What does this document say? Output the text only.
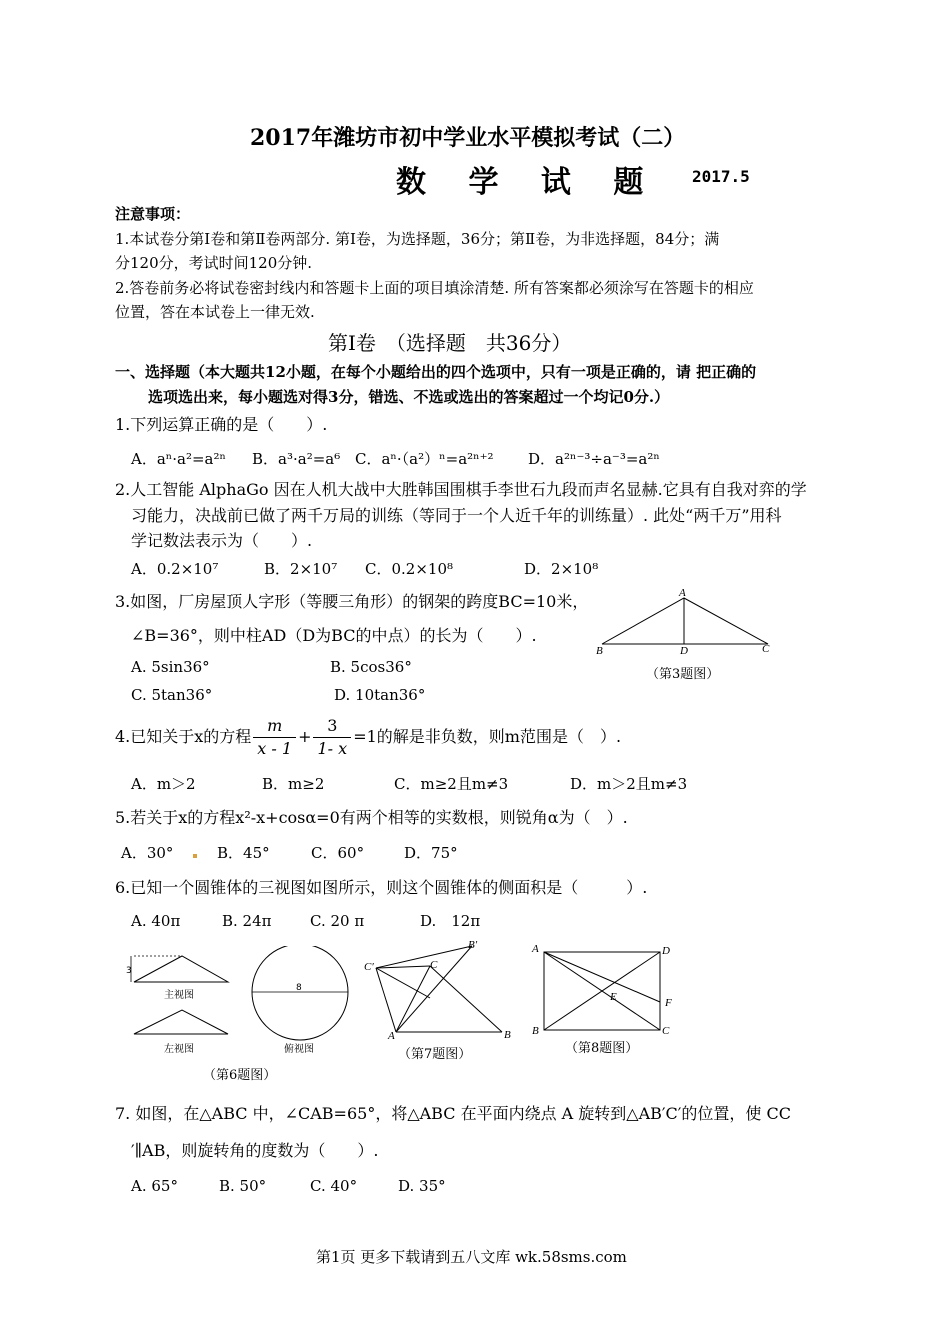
2017年潍坊市初中学业水平模拟考试（二）
数 学 试 题 2017.5
注意事项：
1.本试卷分第Ⅰ卷和第Ⅱ卷两部分. 第Ⅰ卷，为选择题，36分；第Ⅱ卷，为非选择题，84分；满
分120分，考试时间120分钟.
2.答卷前务必将试卷密封线内和答题卡上面的项目填涂清楚. 所有答案都必须涂写在答题卡的相应
位置，答在本试卷上一律无效.
第Ⅰ卷　（选择题　共36分）
一、选择题（本大题共12小题，在每个小题给出的四个选项中，只有一项是正确的，请 把正确的
选项选出来，每小题选对得3分，错选、不选或选出的答案超过一个均记0分.）
1.下列运算正确的是（　　）.
A．aⁿ·a²=a²ⁿ B．a³·a²=a⁶ C．aⁿ·（a²）ⁿ=a²ⁿ⁺² D．a²ⁿ⁻³÷a⁻³=a²ⁿ
2.人工智能 AlphaGo 因在人机大战中大胜韩国围棋手李世石九段而声名显赫.它具有自我对弈的学
习能力，决战前已做了两千万局的训练（等同于一个人近千年的训练量）. 此处“两千万”用科
学记数法表示为（　　）.
A．0.2×10⁷	B．2×10⁷ C．0.2×10⁸	D．2×10⁸
3.如图，厂房屋顶人字形（等腰三角形）的钢架的跨度BC=10米，
∠B=36°，则中柱AD（D为BC的中点）的长为（　　）.
A. 5sin36°	B. 5cos36°
C. 5tan36°	D. 10tan36°
A
B	C
D
（第3题图）
4.已知关于x的方程 $\frac{m}{x - 1} + \frac{3}{1- x} =1$的解是非负数，则m范围是（　）.
A．m＞2	B．m≥2	C．m≥2且m≠3	D．m＞2且m≠3
5.若关于x的方程x²-x+cosα=0有两个相等的实数根，则锐角α为（　）.
A．30°	B．45°	C．60°	D．75°
6.已知一个圆锥体的三视图如图所示，则这个圆锥体的侧面积是（　　　）.
A. 40π	B. 24π	C. 20 π	D.　12π
3
主视图
左视图
8
俯视图
（第6题图）
C′	C
B′
A	B
（第7题图）
A	D
E	F
B	C
（第8题图）
7. 如图，在△ABC 中，∠CAB=65°，将△ABC 在平面内绕点 A 旋转到△AB′C′的位置，使 CC
′∥AB，则旋转角的度数为（　　）.
A. 65°	B. 50°	C. 40°	D. 35°
第1页 更多下载请到五八文库 wk.58sms.com
